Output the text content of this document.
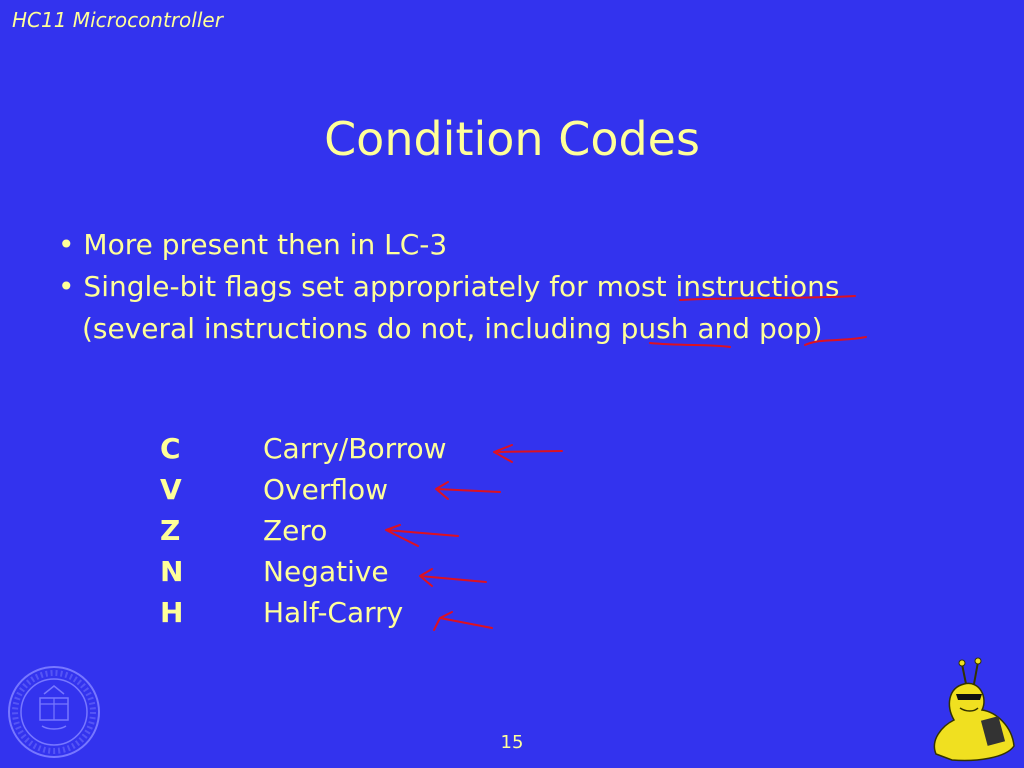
HC11 Microcontroller
Condition Codes
• More present then in LC-3
• Single-bit flags set appropriately for most instructions
(several instructions do not, including push and pop)
C	Carry/Borrow
V	Overflow
Z	Zero
N	Negative
H	Half-Carry
15
